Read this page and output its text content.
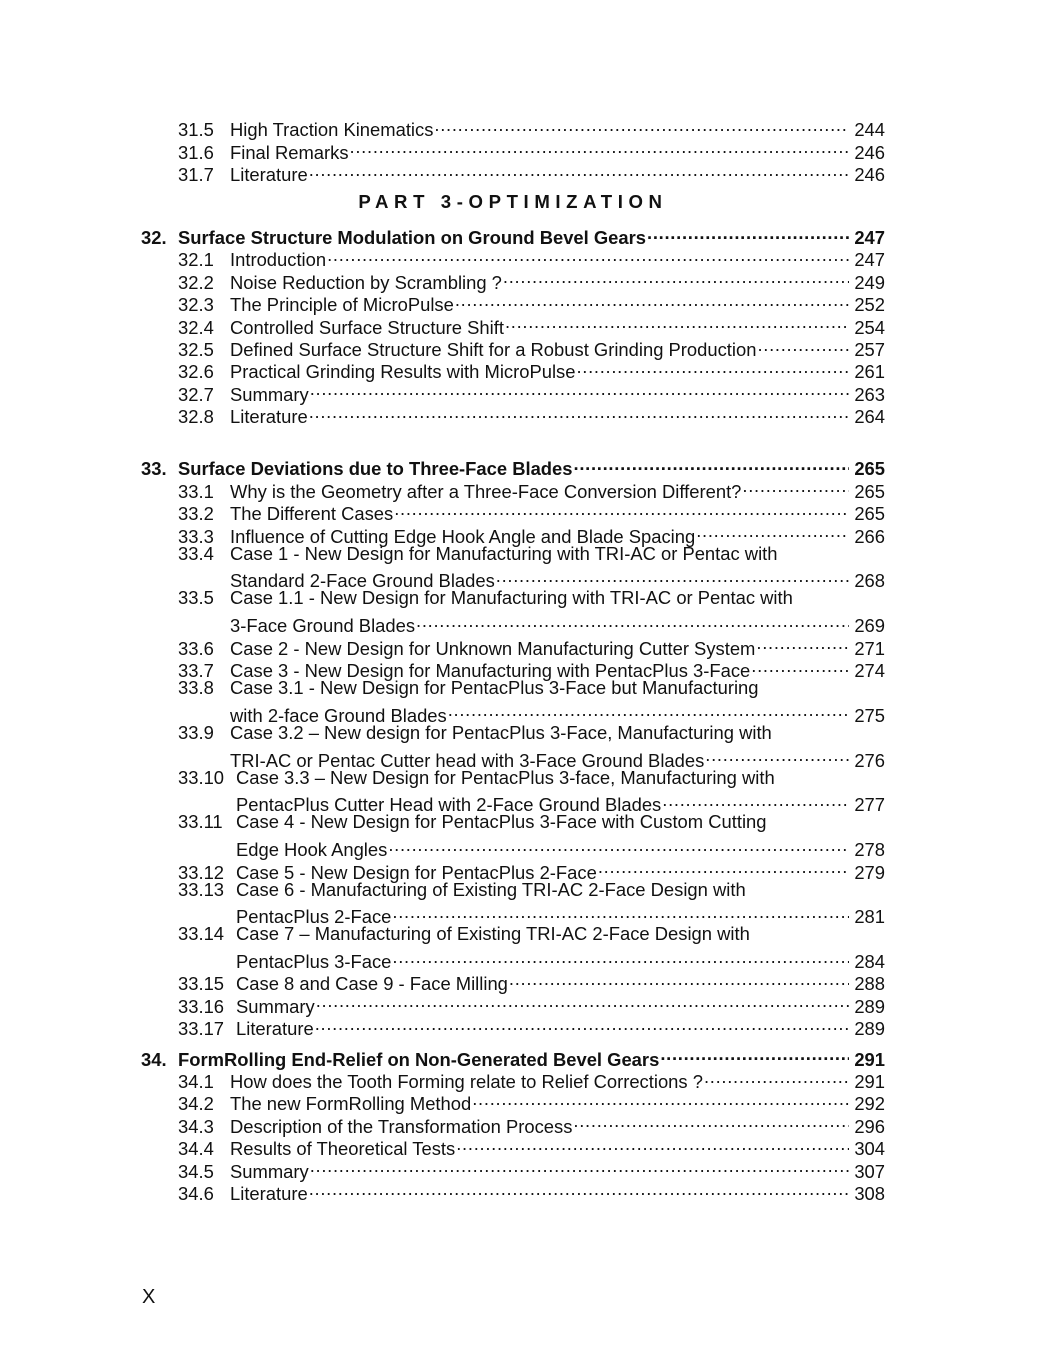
31.5 High Traction Kinematics . . .	244
31.6 Final Remarks . . .	246
31.7 Literature . . .	246
PART 3-OPTIMIZATION
32. Surface Structure Modulation on Ground Bevel Gears . . .	247
32.1 Introduction . . .	247
32.2 Noise Reduction by Scrambling ? . . .	249
32.3 The Principle of MicroPulse . . .	252
32.4 Controlled Surface Structure Shift . . .	254
32.5 Defined Surface Structure Shift for a Robust Grinding Production . . .	257
32.6 Practical Grinding Results with MicroPulse . . .	261
32.7 Summary . . .	263
32.8 Literature . . .	264
33. Surface Deviations due to Three-Face Blades . . .	265
33.1 Why is the Geometry after a Three-Face Conversion Different? . . .	265
33.2 The Different Cases . . .	265
33.3 Influence of Cutting Edge Hook Angle and Blade Spacing . . .	266
33.4 Case 1 - New Design for Manufacturing with TRI-AC or Pentac with
Standard 2-Face Ground Blades . . .	268
33.5 Case 1.1 - New Design for Manufacturing with TRI-AC or Pentac with
3-Face Ground Blades . . .	269
33.6 Case 2 - New Design for Unknown Manufacturing Cutter System . . .	271
33.7 Case 3 - New Design for Manufacturing with PentacPlus 3-Face . . .	274
33.8 Case 3.1 - New Design for PentacPlus 3-Face but Manufacturing
with 2-face Ground Blades . . .	275
33.9 Case 3.2 – New design for PentacPlus 3-Face, Manufacturing with
TRI-AC or Pentac Cutter head with 3-Face Ground Blades . . .	276
33.10 Case 3.3 – New Design for PentacPlus 3-face, Manufacturing with
PentacPlus Cutter Head with 2-Face Ground Blades . . .	277
33.11 Case 4 - New Design for PentacPlus 3-Face with Custom Cutting
Edge Hook Angles . . .	278
33.12 Case 5 - New Design for PentacPlus 2-Face . . .	279
33.13 Case 6 - Manufacturing of Existing TRI-AC 2-Face Design with
PentacPlus 2-Face . . .	281
33.14 Case 7 – Manufacturing of Existing TRI-AC 2-Face Design with
PentacPlus 3-Face . . .	284
33.15 Case 8 and Case 9 - Face Milling . . .	288
33.16 Summary . . .	289
33.17 Literature . . .	289
34. FormRolling End-Relief on Non-Generated Bevel Gears . . .	291
34.1 How does the Tooth Forming relate to Relief Corrections ? . . .	291
34.2 The new FormRolling Method . . .	292
34.3 Description of the Transformation Process . . .	296
34.4 Results of Theoretical Tests . . .	304
34.5 Summary . . .	307
34.6 Literature . . .	308
X
